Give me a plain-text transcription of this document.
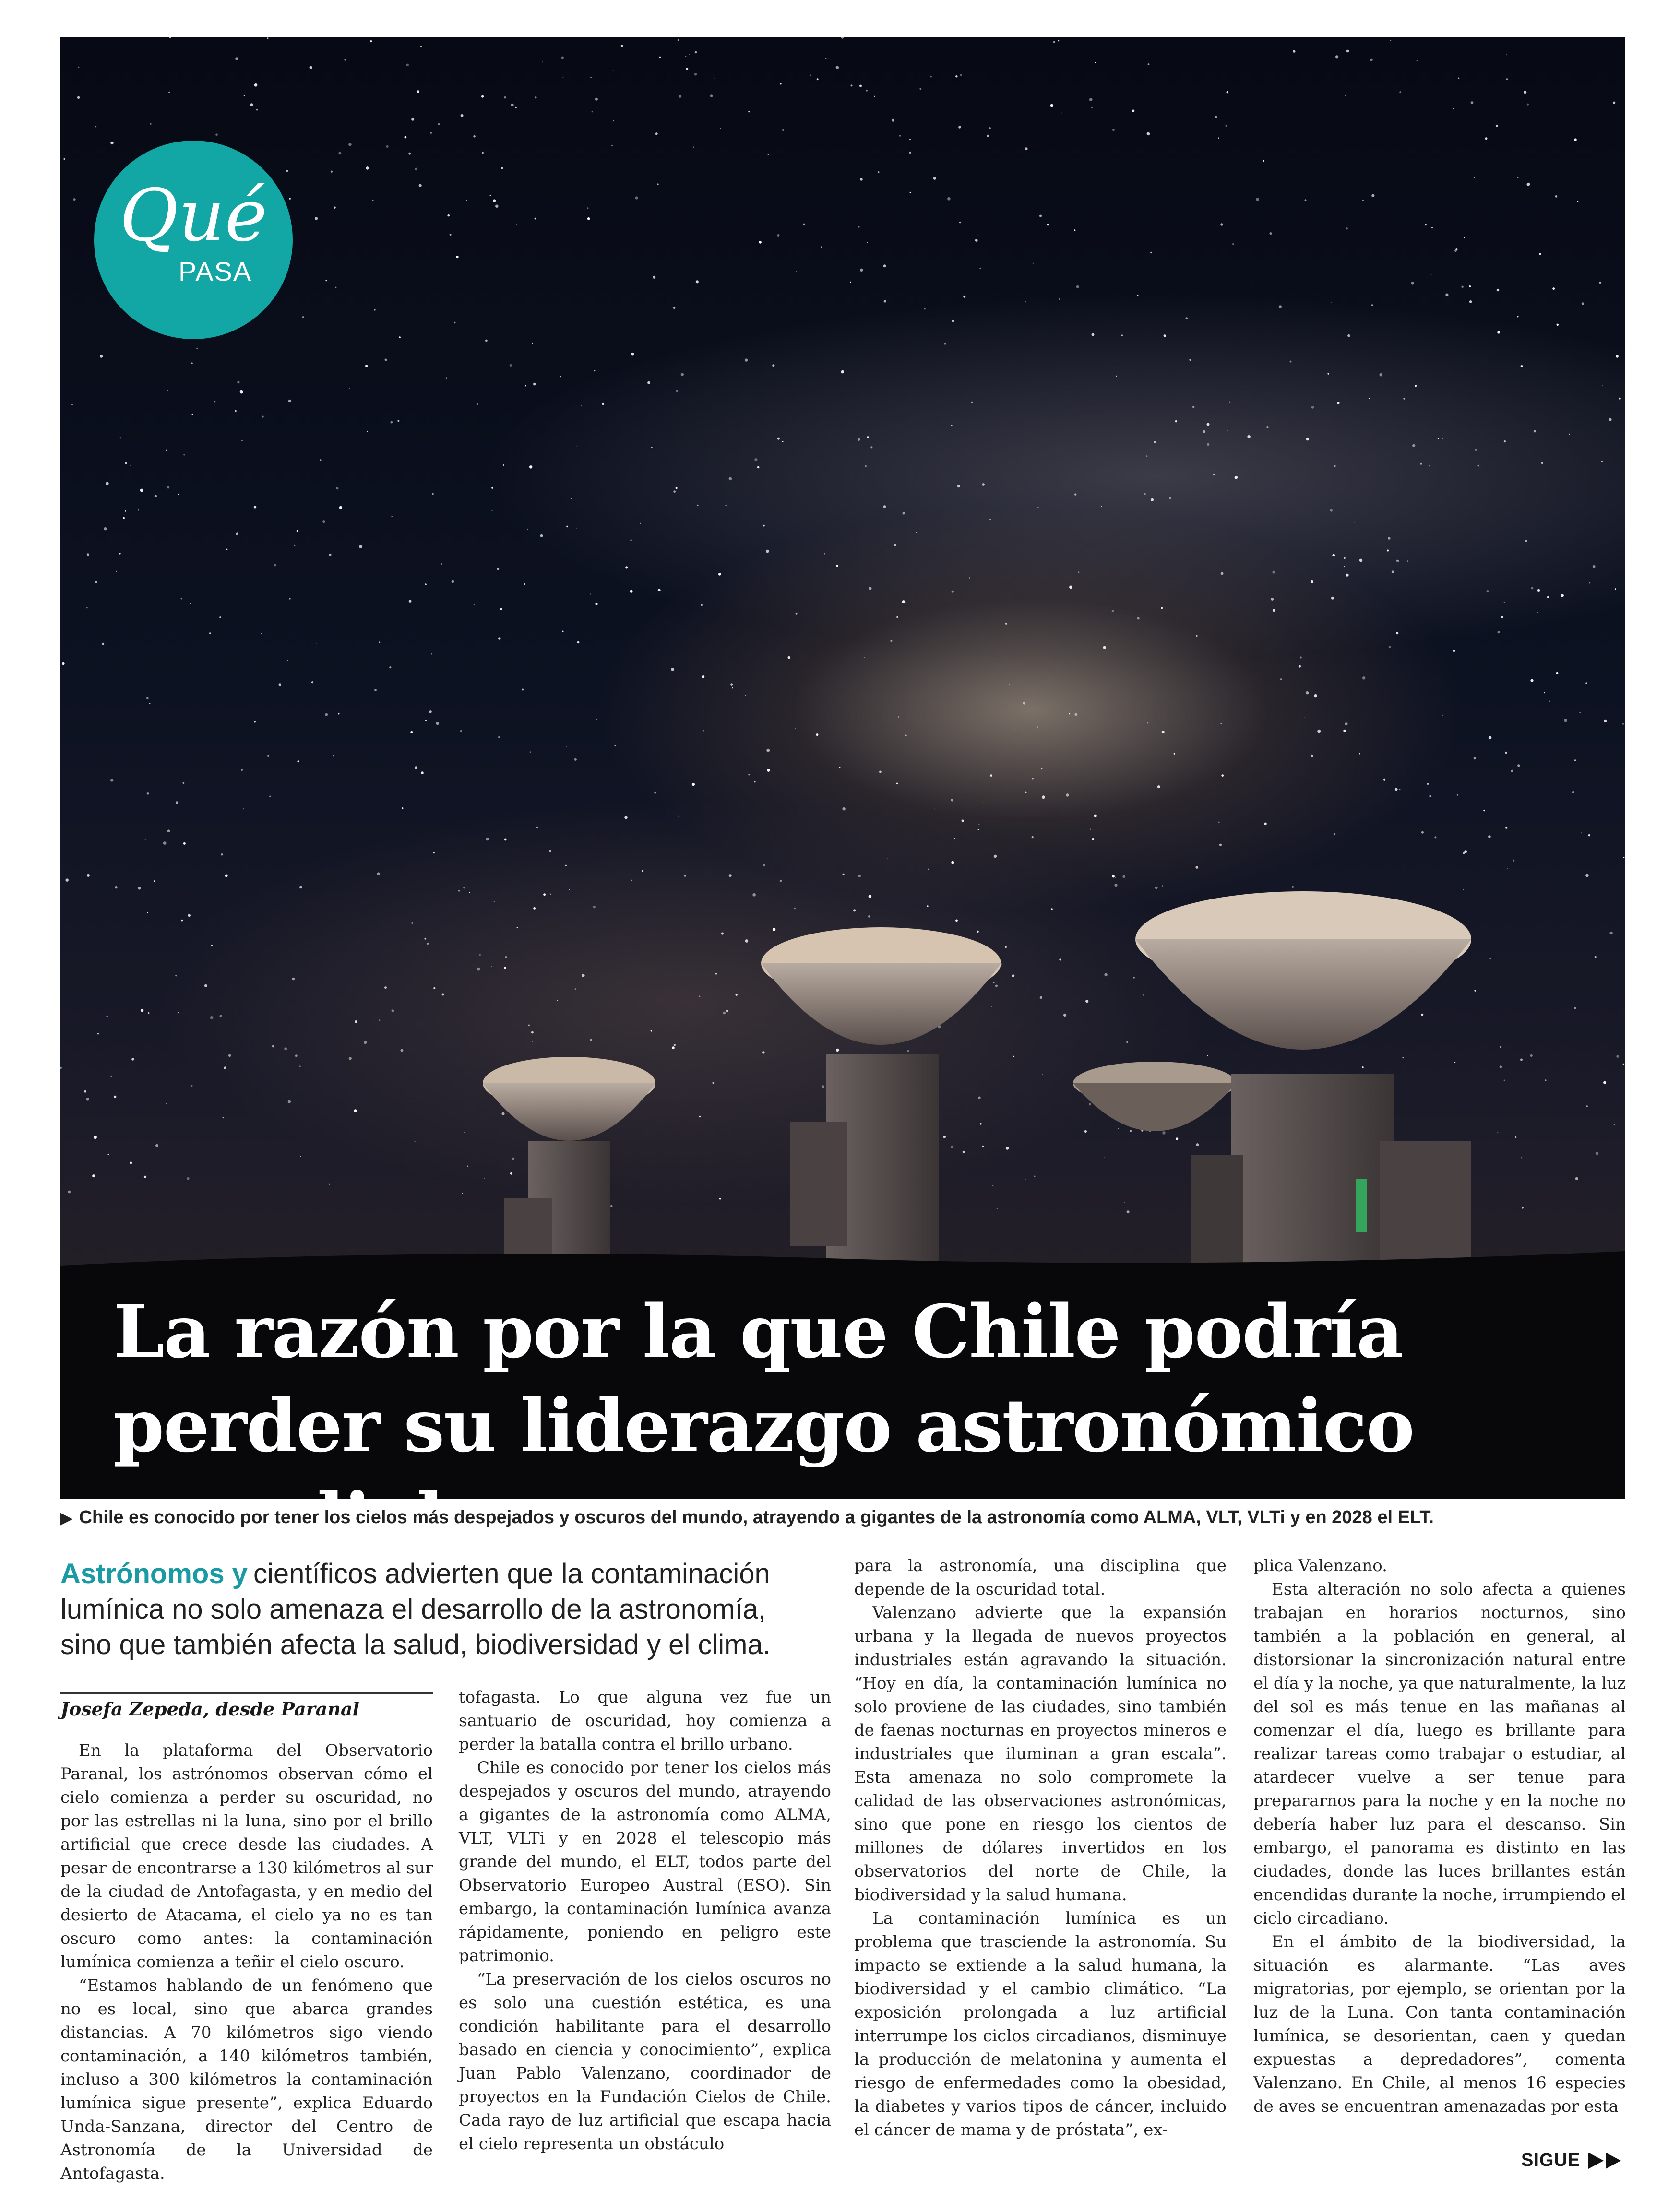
Qué
PASA
La razón por la que Chile podría perder su liderazgo astronómico mundial
▶ Chile es conocido por tener los cielos más despejados y oscuros del mundo, atrayendo a gigantes de la astronomía como ALMA, VLT, VLTi y en 2028 el ELT.

Astrónomos y científicos advierten que la contaminación lumínica no solo amenaza el desarrollo de la astronomía, sino que también afecta la salud, biodiversidad y el clima.

Josefa Zepeda, desde Paranal

En la plataforma del Observatorio Paranal, los astrónomos observan cómo el cielo comienza a perder su oscuridad, no por las estrellas ni la luna, sino por el brillo artificial que crece desde las ciudades. A pesar de encontrarse a 130 kilómetros al sur de la ciudad de Antofagasta, y en medio del desierto de Atacama, el cielo ya no es tan oscuro como antes: la contaminación lumínica comienza a teñir el cielo oscuro.

“Estamos hablando de un fenómeno que no es local, sino que abarca grandes distancias. A 70 kilómetros sigo viendo contaminación, a 140 kilómetros también, incluso a 300 kilómetros la contaminación lumínica sigue presente”, explica Eduardo Unda-Sanzana, director del Centro de Astronomía de la Universidad de Antofagasta.

tofagasta. Lo que alguna vez fue un santuario de oscuridad, hoy comienza a perder la batalla contra el brillo urbano.

Chile es conocido por tener los cielos más despejados y oscuros del mundo, atrayendo a gigantes de la astronomía como ALMA, VLT, VLTi y en 2028 el telescopio más grande del mundo, el ELT, todos parte del Observatorio Europeo Austral (ESO). Sin embargo, la contaminación lumínica avanza rápidamente, poniendo en peligro este patrimonio.

“La preservación de los cielos oscuros no es solo una cuestión estética, es una condición habilitante para el desarrollo basado en ciencia y conocimiento”, explica Juan Pablo Valenzano, coordinador de proyectos en la Fundación Cielos de Chile. Cada rayo de luz artificial que escapa hacia el cielo representa un obstáculo

para la astronomía, una disciplina que depende de la oscuridad total.

Valenzano advierte que la expansión urbana y la llegada de nuevos proyectos industriales están agravando la situación. “Hoy en día, la contaminación lumínica no solo proviene de las ciudades, sino también de faenas nocturnas en proyectos mineros e industriales que iluminan a gran escala”. Esta amenaza no solo compromete la calidad de las observaciones astronómicas, sino que pone en riesgo los cientos de millones de dólares invertidos en los observatorios del norte de Chile, la biodiversidad y la salud humana.

La contaminación lumínica es un problema que trasciende la astronomía. Su impacto se extiende a la salud humana, la biodiversidad y el cambio climático. “La exposición prolongada a luz artificial interrumpe los ciclos circadianos, disminuye la producción de melatonina y aumenta el riesgo de enfermedades como la obesidad, la diabetes y varios tipos de cáncer, incluido el cáncer de mama y de próstata”, ex-

plica Valenzano.

Esta alteración no solo afecta a quienes trabajan en horarios nocturnos, sino también a la población en general, al distorsionar la sincronización natural entre el día y la noche, ya que naturalmente, la luz del sol es más tenue en las mañanas al comenzar el día, luego es brillante para realizar tareas como trabajar o estudiar, al atardecer vuelve a ser tenue para prepararnos para la noche y en la noche no debería haber luz para el descanso. Sin embargo, el panorama es distinto en las ciudades, donde las luces brillantes están encendidas durante la noche, irrumpiendo el ciclo circadiano.

En el ámbito de la biodiversidad, la situación es alarmante. “Las aves migratorias, por ejemplo, se orientan por la luz de la Luna. Con tanta contaminación lumínica, se desorientan, caen y quedan expuestas a depredadores”, comenta Valenzano. En Chile, al menos 16 especies de aves se encuentran amenazadas por esta

SIGUE
